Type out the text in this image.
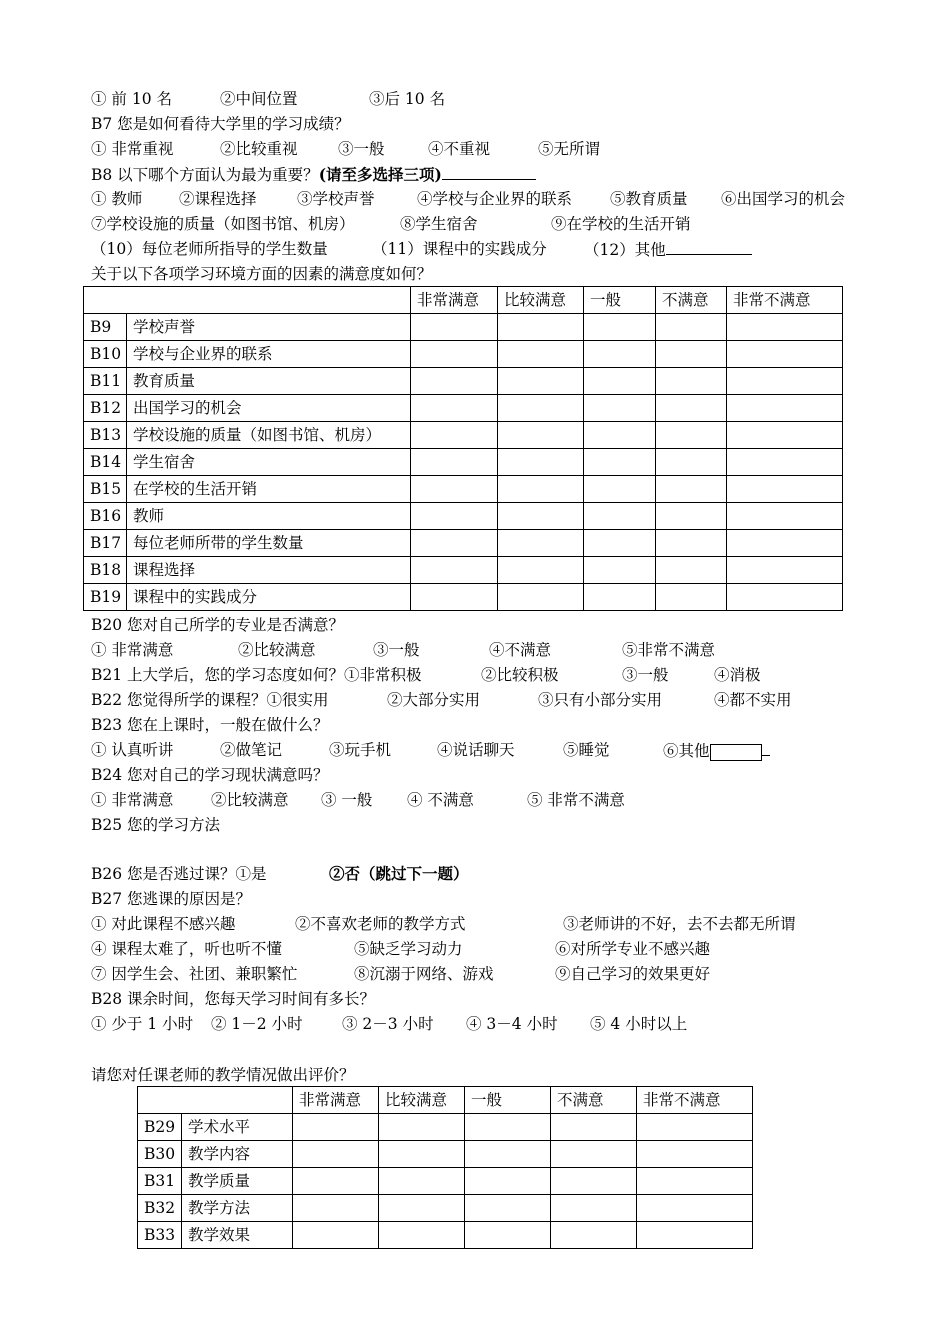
① 前 10 名	②中间位置	③后 10 名
B7 您是如何看待大学里的学习成绩？
① 非常重视	②比较重视	③一般	④不重视	⑤无所谓
B8 以下哪个方面认为最为重要？(请至多选择三项)
① 教师 ②课程选择	③学校声誉	④学校与企业界的联系 ⑤教育质量 ⑥出国学习的机会
⑦学校设施的质量（如图书馆、机房）	⑧学生宿舍	⑨在学校的生活开销
（10）每位老师所指导的学生数量	（11）课程中的实践成分 （12）其他
关于以下各项学习环境方面的因素的满意度如何？
		非常满意	比较满意	一般	不满意	非常不满意
B9	学校声誉					
B10	学校与企业界的联系					
B11	教育质量					
B12	出国学习的机会					
B13	学校设施的质量（如图书馆、机房）					
B14	学生宿舍					
B15	在学校的生活开销					
B16	教师					
B17	每位老师所带的学生数量					
B18	课程选择					
B19	课程中的实践成分					
B20 您对自己所学的专业是否满意？
① 非常满意	②比较满意	③一般	④不满意	⑤非常不满意
B21 上大学后，您的学习态度如何？①非常积极	②比较积极	③一般	④消极
B22 您觉得所学的课程？①很实用	②大部分实用	③只有小部分实用	④都不实用
B23 您在上课时，一般在做什么？
① 认真听讲	②做笔记	③玩手机	④说话聊天	⑤睡觉	⑥其他
B24 您对自己的学习现状满意吗？
① 非常满意 ②比较满意 ③ 一般 ④ 不满意	⑤ 非常不满意
B25 您的学习方法
B26 您是否逃过课？①是	②否（跳过下一题）
B27 您逃课的原因是？
① 对此课程不感兴趣	②不喜欢老师的教学方式	③老师讲的不好，去不去都无所谓
④ 课程太难了，听也听不懂	⑤缺乏学习动力	⑥对所学专业不感兴趣
⑦ 因学生会、社团、兼职繁忙	⑧沉溺于网络、游戏	⑨自己学习的效果更好
B28 课余时间，您每天学习时间有多长？
① 少于 1 小时 ② 1－2 小时	③ 2－3 小时 ④ 3－4 小时 ⑤ 4 小时以上
请您对任课老师的教学情况做出评价？
		非常满意	比较满意	一般	不满意	非常不满意
B29	学术水平					
B30	教学内容					
B31	教学质量					
B32	教学方法					
B33	教学效果					
